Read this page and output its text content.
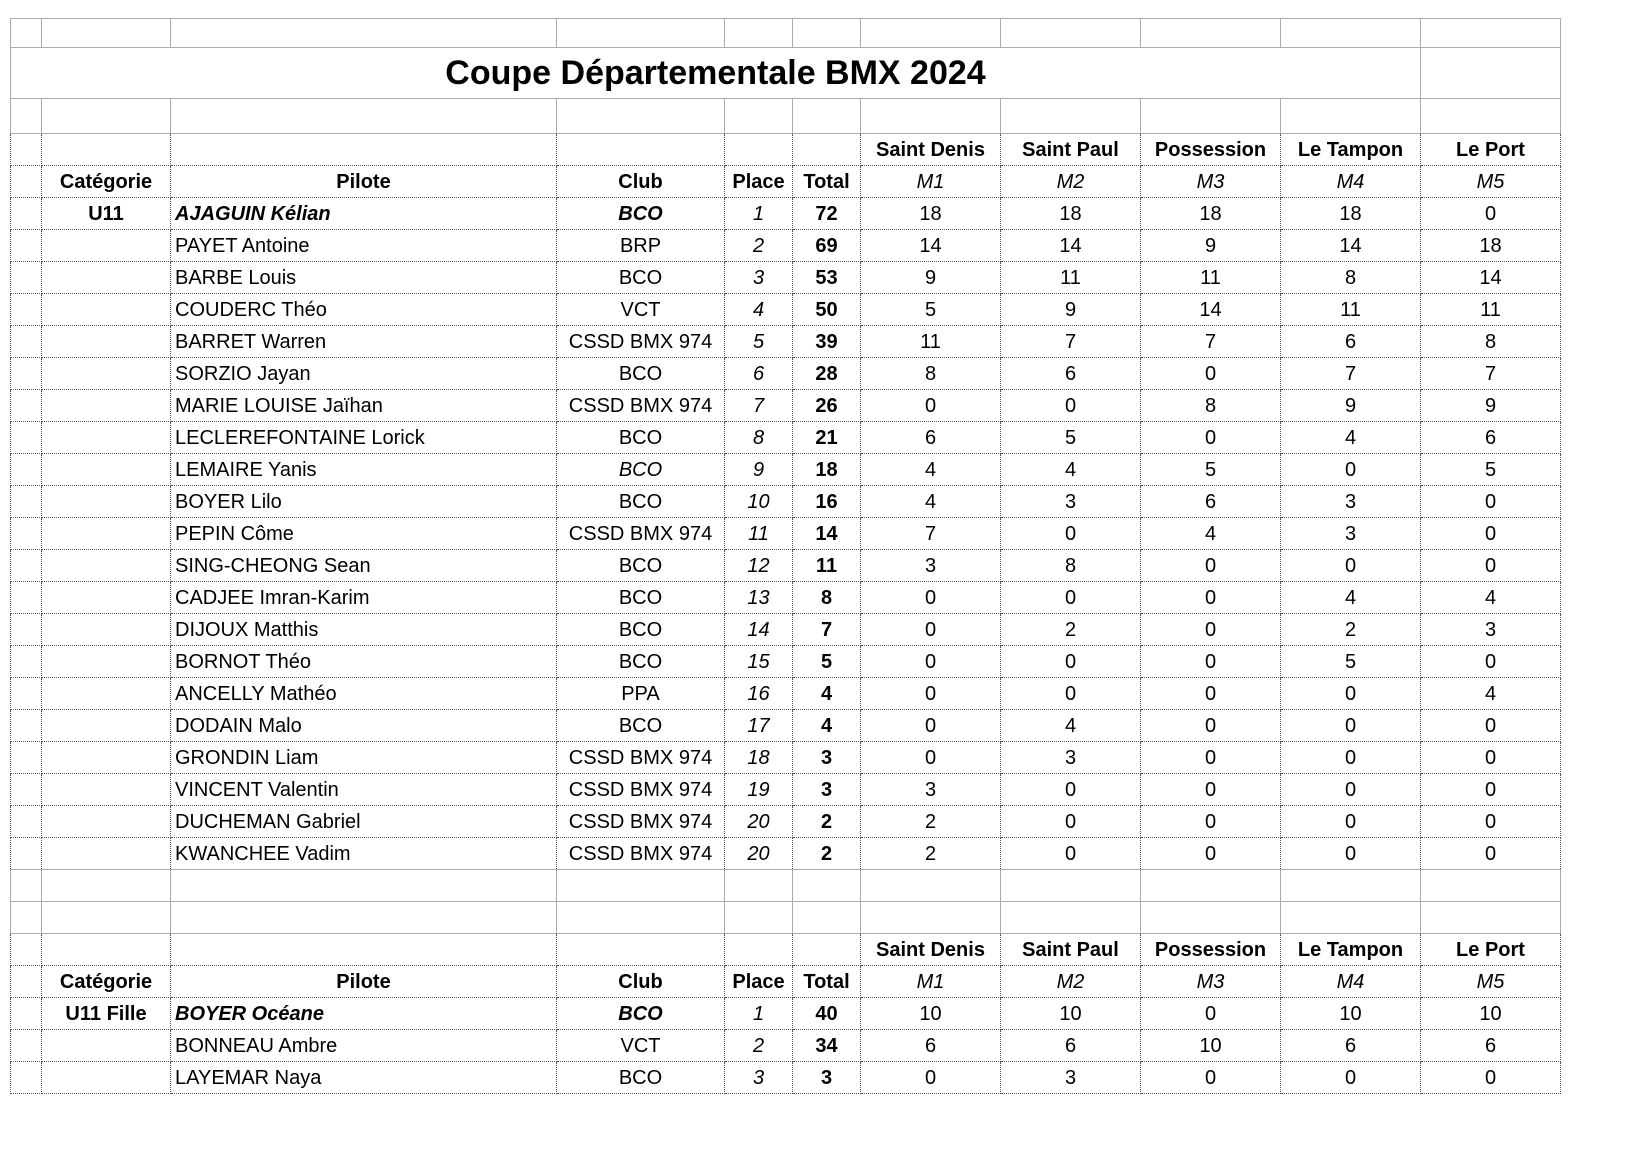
Coupe Départementale BMX 2024										

						Saint Denis	Saint Paul	Possession	Le Tampon	Le Port
	Catégorie	Pilote	Club	Place	Total	M1	M2	M3	M4	M5
	U11	AJAGUIN Kélian	BCO	1	72	18	18	18	18	0
		PAYET Antoine	BRP	2	69	14	14	9	14	18
		BARBE Louis	BCO	3	53	9	11	11	8	14
		COUDERC Théo	VCT	4	50	5	9	14	11	11
		BARRET Warren	CSSD BMX 974	5	39	11	7	7	6	8
		SORZIO Jayan	BCO	6	28	8	6	0	7	7
		MARIE LOUISE Jaïhan	CSSD BMX 974	7	26	0	0	8	9	9
		LECLEREFONTAINE Lorick	BCO	8	21	6	5	0	4	6
		LEMAIRE Yanis	BCO	9	18	4	4	5	0	5
		BOYER Lilo	BCO	10	16	4	3	6	3	0
		PEPIN Côme	CSSD BMX 974	11	14	7	0	4	3	0
		SING-CHEONG Sean	BCO	12	11	3	8	0	0	0
		CADJEE Imran-Karim	BCO	13	8	0	0	0	4	4
		DIJOUX Matthis	BCO	14	7	0	2	0	2	3
		BORNOT Théo	BCO	15	5	0	0	0	5	0
		ANCELLY Mathéo	PPA	16	4	0	0	0	0	4
		DODAIN Malo	BCO	17	4	0	4	0	0	0
		GRONDIN Liam	CSSD BMX 974	18	3	0	3	0	0	0
		VINCENT Valentin	CSSD BMX 974	19	3	3	0	0	0	0
		DUCHEMAN Gabriel	CSSD BMX 974	20	2	2	0	0	0	0
		KWANCHEE Vadim	CSSD BMX 974	20	2	2	0	0	0	0

						Saint Denis	Saint Paul	Possession	Le Tampon	Le Port
	Catégorie	Pilote	Club	Place	Total	M1	M2	M3	M4	M5
	U11 Fille	BOYER Océane	BCO	1	40	10	10	0	10	10
		BONNEAU Ambre	VCT	2	34	6	6	10	6	6
		LAYEMAR Naya	BCO	3	3	0	3	0	0	0
